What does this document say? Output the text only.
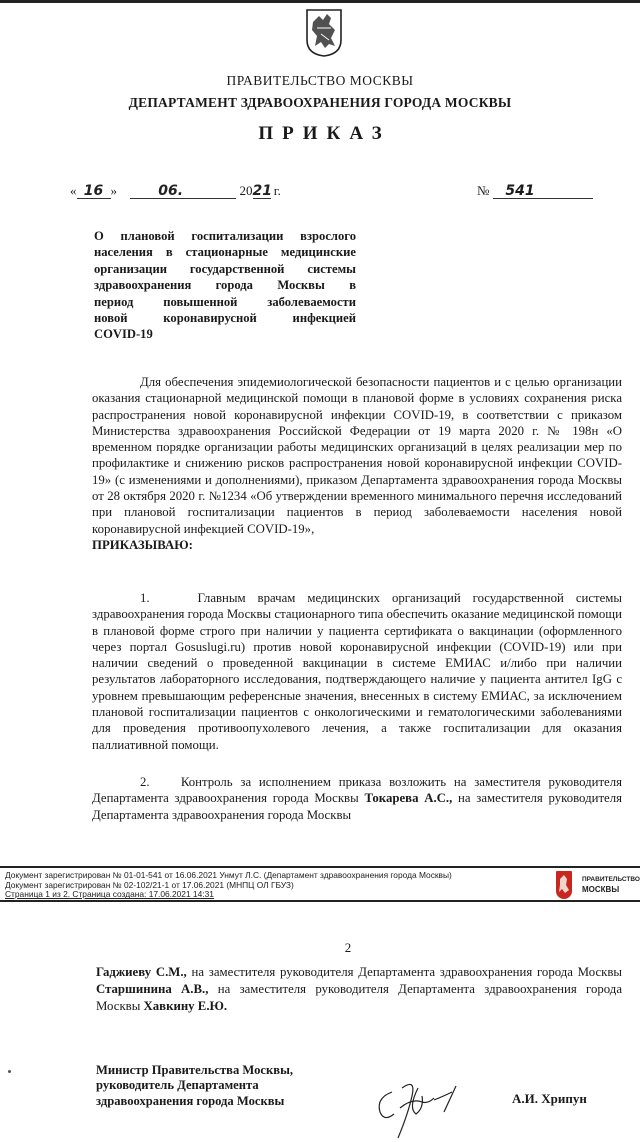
ПРАВИТЕЛЬСТВО МОСКВЫ
ДЕПАРТАМЕНТ ЗДРАВООХРАНЕНИЯ ГОРОДА МОСКВЫ
ПРИКАЗ
« 16 »	06.	2021 г.	№ 541
О плановой госпитализации взрослого
населения в стационарные медицинские
организации государственной системы
здравоохранения города Москвы в
период повышенной заболеваемости
новой коронавирусной инфекцией
COVID-19

Для обеспечения эпидемиологической безопасности пациентов и с целью организации оказания стационарной медицинской помощи в плановой форме в условиях сохранения риска распространения новой коронавирусной инфекции COVID-19, в соответствии с приказом Министерства здравоохранения Российской Федерации от 19 марта 2020 г. № 198н «О временном порядке организации работы медицинских организаций в целях реализации мер по профилактике и снижению рисков распространения новой коронавирусной инфекции COVID-19» (с изменениями и дополнениями), приказом Департамента здравоохранения города Москвы от 28 октября 2020 г. №1234 «Об утверждении временного минимального перечня исследований при плановой госпитализации пациентов в период заболеваемости населения новой коронавирусной инфекцией COVID-19»,

ПРИКАЗЫВАЮ:

1.	Главным врачам медицинских организаций государственной системы здравоохранения города Москвы стационарного типа обеспечить оказание медицинской помощи в плановой форме строго при наличии у пациента сертификата о вакцинации (оформленного через портал Gosuslugi.ru) против новой коронавирусной инфекции (COVID-19) или при наличии сведений о проведенной вакцинации в системе ЕМИАС и/либо при наличии результатов лабораторного исследования, подтверждающего наличие у пациента антител IgG с уровнем превышающим референсные значения, внесенных в систему ЕМИАС, за исключением плановой госпитализации пациентов с онкологическими и гематологическими заболеваниями для проведения противоопухолевого лечения, а также госпитализации для оказания паллиативной помощи.

2. Контроль за исполнением приказа возложить на заместителя руководителя Департамента здравоохранения города Москвы Токарева А.С., на заместителя руководителя Департамента здравоохранения города Москвы

Документ зарегистрирован № 01-01-541 от 16.06.2021 Унмут Л.С. (Департамент здравоохранения города Москвы)
Документ зарегистрирован № 02-102/21-1 от 17.06.2021 (МНПЦ ОЛ ГБУЗ)
Страница 1 из 2. Страница создана: 17.06.2021 14:31
ПРАВИТЕЛЬСТВО
МОСКВЫ
2
Гаджиеву С.М., на заместителя руководителя Департамента здравоохранения города Москвы Старшинина А.В., на заместителя руководителя Департамента здравоохранения города Москвы Хавкину Е.Ю.
Министр Правительства Москвы,
руководитель Департамента
здравоохранения города Москвы	А.И. Хрипун
